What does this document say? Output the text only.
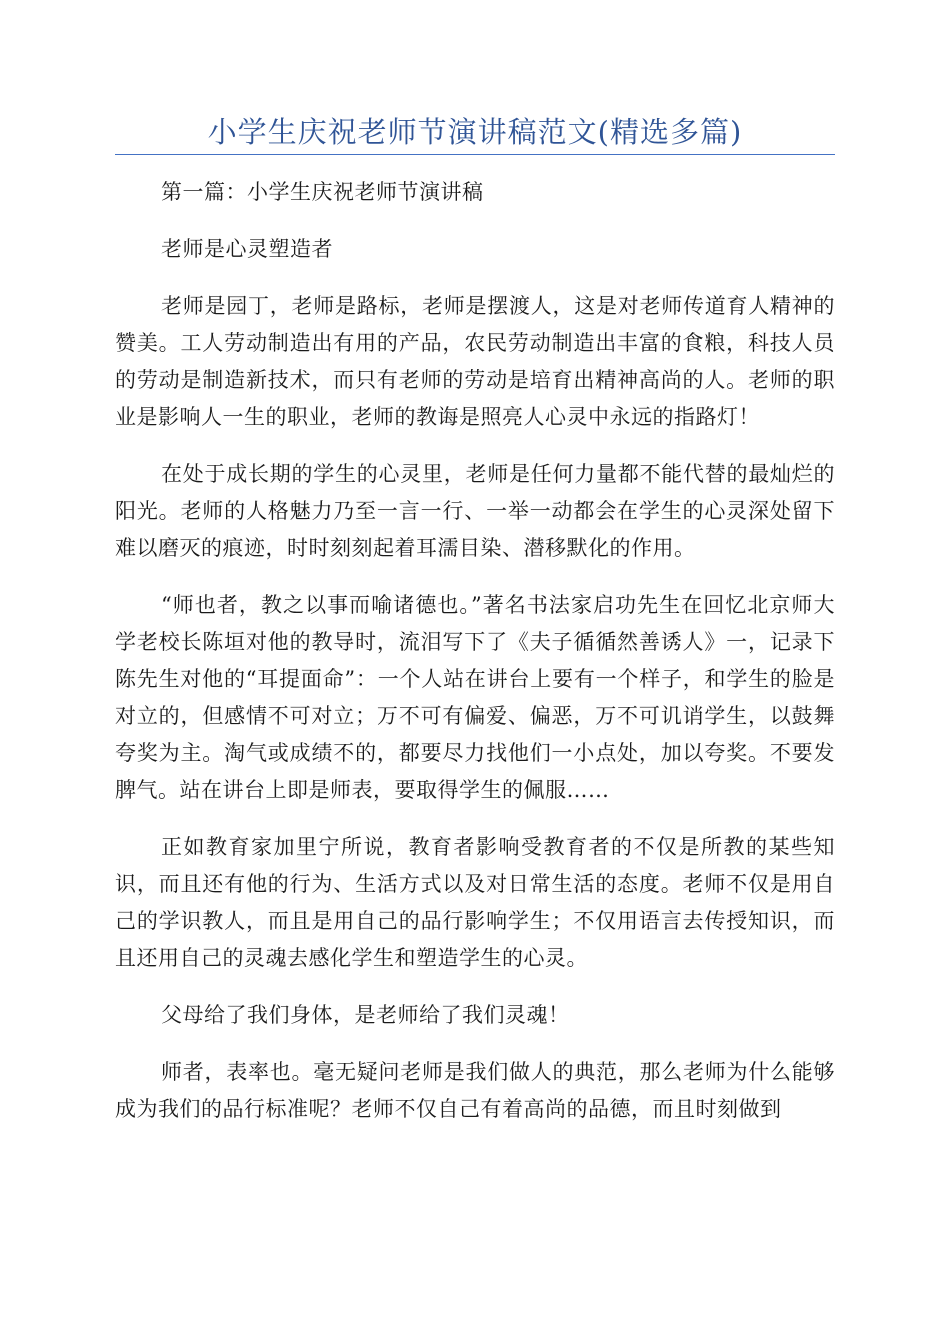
小学生庆祝老师节演讲稿范文(精选多篇)

第一篇：小学生庆祝老师节演讲稿

老师是心灵塑造者

老师是园丁，老师是路标，老师是摆渡人，这是对老师传道育人精神的赞美。工人劳动制造出有用的产品，农民劳动制造出丰富的食粮，科技人员的劳动是制造新技术，而只有老师的劳动是培育出精神高尚的人。老师的职业是影响人一生的职业，老师的教诲是照亮人心灵中永远的指路灯！

在处于成长期的学生的心灵里，老师是任何力量都不能代替的最灿烂的阳光。老师的人格魅力乃至一言一行、一举一动都会在学生的心灵深处留下难以磨灭的痕迹，时时刻刻起着耳濡目染、潜移默化的作用。

“师也者，教之以事而喻诸德也。”著名书法家启功先生在回忆北京师大学老校长陈垣对他的教导时，流泪写下了《夫子循循然善诱人》一，记录下陈先生对他的“耳提面命”：一个人站在讲台上要有一个样子，和学生的脸是对立的，但感情不可对立；万不可有偏爱、偏恶，万不可讥诮学生，以鼓舞夸奖为主。淘气或成绩不的，都要尽力找他们一小点处，加以夸奖。不要发脾气。站在讲台上即是师表，要取得学生的佩服……

正如教育家加里宁所说，教育者影响受教育者的不仅是所教的某些知识，而且还有他的行为、生活方式以及对日常生活的态度。老师不仅是用自己的学识教人，而且是用自己的品行影响学生；不仅用语言去传授知识，而且还用自己的灵魂去感化学生和塑造学生的心灵。

父母给了我们身体，是老师给了我们灵魂！

师者，表率也。毫无疑问老师是我们做人的典范，那么老师为什么能够成为我们的品行标准呢？老师不仅自己有着高尚的品德，而且时刻做到
